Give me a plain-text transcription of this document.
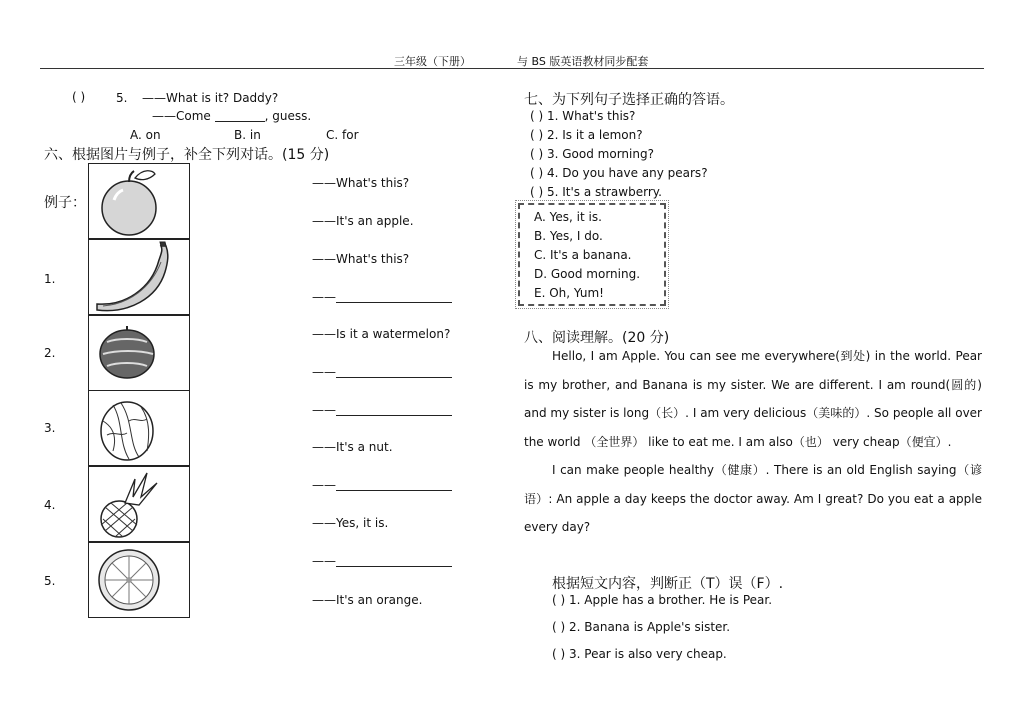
三年级（下册）	与 BS 版英语教材同步配套
( )	5. ——What is it? Daddy?
——Come	, guess.
A. on	B. in	C. for
六、根据图片与例子，补全下列对话。(15 分)
例子：
1.
2.
3.
4.
5.
——What's this?
——It's an apple.
——What's this?
——
——Is it a watermelon?
——
——
——It's a nut.
——
——Yes, it is.
——
——It's an orange.
七、为下列句子选择正确的答语。
( ) 1. What's this?
( ) 2. Is it a lemon?
( ) 3. Good morning?
( ) 4. Do you have any pears?
( ) 5. It's a strawberry.
A. Yes, it is.
B. Yes, I do.
C. It's a banana.
D. Good morning.
E. Oh, Yum!
八、阅读理解。(20 分)

Hello, I am Apple. You can see me everywhere(到处) in the world. Pear is my brother, and Banana is my sister. We are different. I am round(圆的) and my sister is long（长）. I am very delicious（美味的）. So people all over the world （全世界） like to eat me. I am also（也） very cheap（便宜）.

I can make people healthy（健康）. There is an old English saying（谚语）: An apple a day keeps the doctor away. Am I great? Do you eat a apple every day?

根据短文内容，判断正（T）误（F）.
( ) 1. Apple has a brother. He is Pear.
( ) 2. Banana is Apple's sister.
( ) 3. Pear is also very cheap.
